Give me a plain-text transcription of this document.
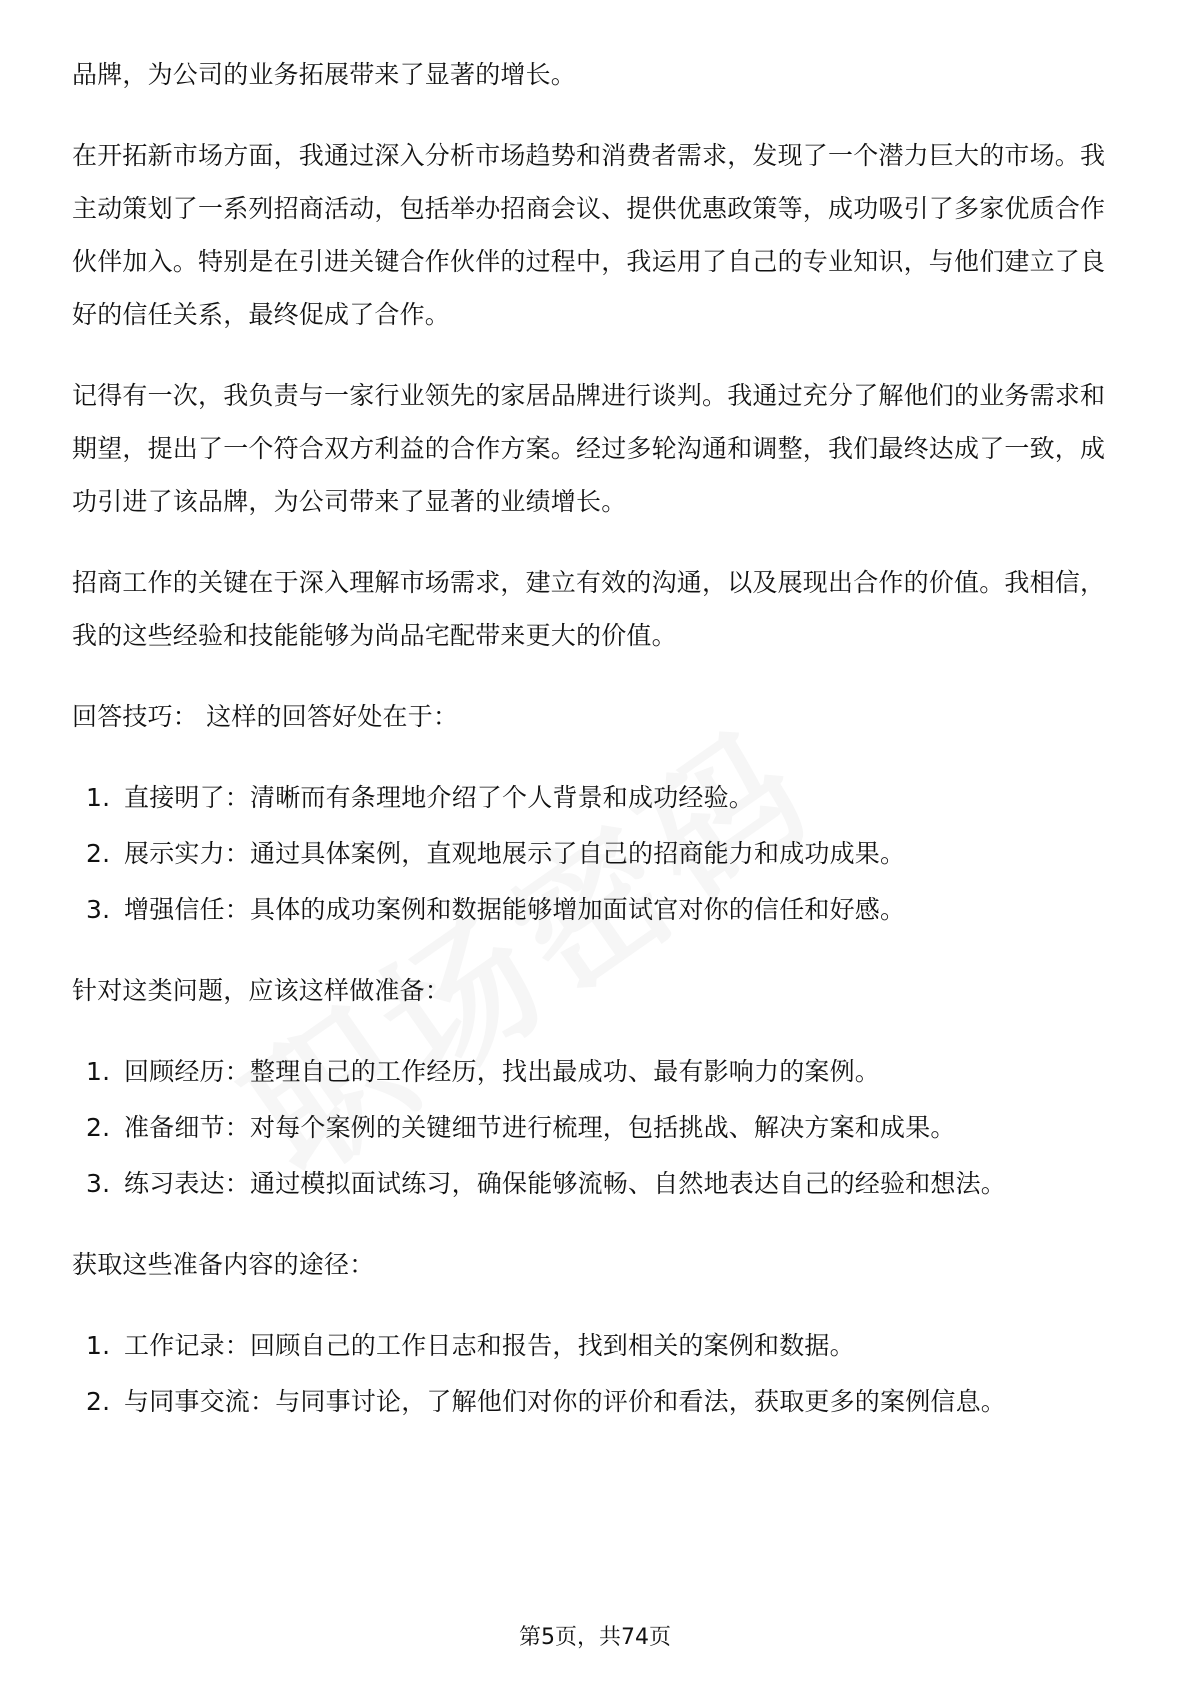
品牌，为公司的业务拓展带来了显著的增长。

在开拓新市场方面，我通过深入分析市场趋势和消费者需求，发现了一个潜力巨大的市场。我主动策划了一系列招商活动，包括举办招商会议、提供优惠政策等，成功吸引了多家优质合作伙伴加入。特别是在引进关键合作伙伴的过程中，我运用了自己的专业知识，与他们建立了良好的信任关系，最终促成了合作。

记得有一次，我负责与一家行业领先的家居品牌进行谈判。我通过充分了解他们的业务需求和期望，提出了一个符合双方利益的合作方案。经过多轮沟通和调整，我们最终达成了一致，成功引进了该品牌，为公司带来了显著的业绩增长。

招商工作的关键在于深入理解市场需求，建立有效的沟通，以及展现出合作的价值。我相信，我的这些经验和技能能够为尚品宅配带来更大的价值。

回答技巧： 这样的回答好处在于：

1. 直接明了：清晰而有条理地介绍了个人背景和成功经验。
2. 展示实力：通过具体案例，直观地展示了自己的招商能力和成功成果。
3. 增强信任：具体的成功案例和数据能够增加面试官对你的信任和好感。

针对这类问题，应该这样做准备：

1. 回顾经历：整理自己的工作经历，找出最成功、最有影响力的案例。
2. 准备细节：对每个案例的关键细节进行梳理，包括挑战、解决方案和成果。
3. 练习表达：通过模拟面试练习，确保能够流畅、自然地表达自己的经验和想法。

获取这些准备内容的途径：

1. 工作记录：回顾自己的工作日志和报告，找到相关的案例和数据。
2. 与同事交流：与同事讨论，了解他们对你的评价和看法，获取更多的案例信息。
第5页，共74页
